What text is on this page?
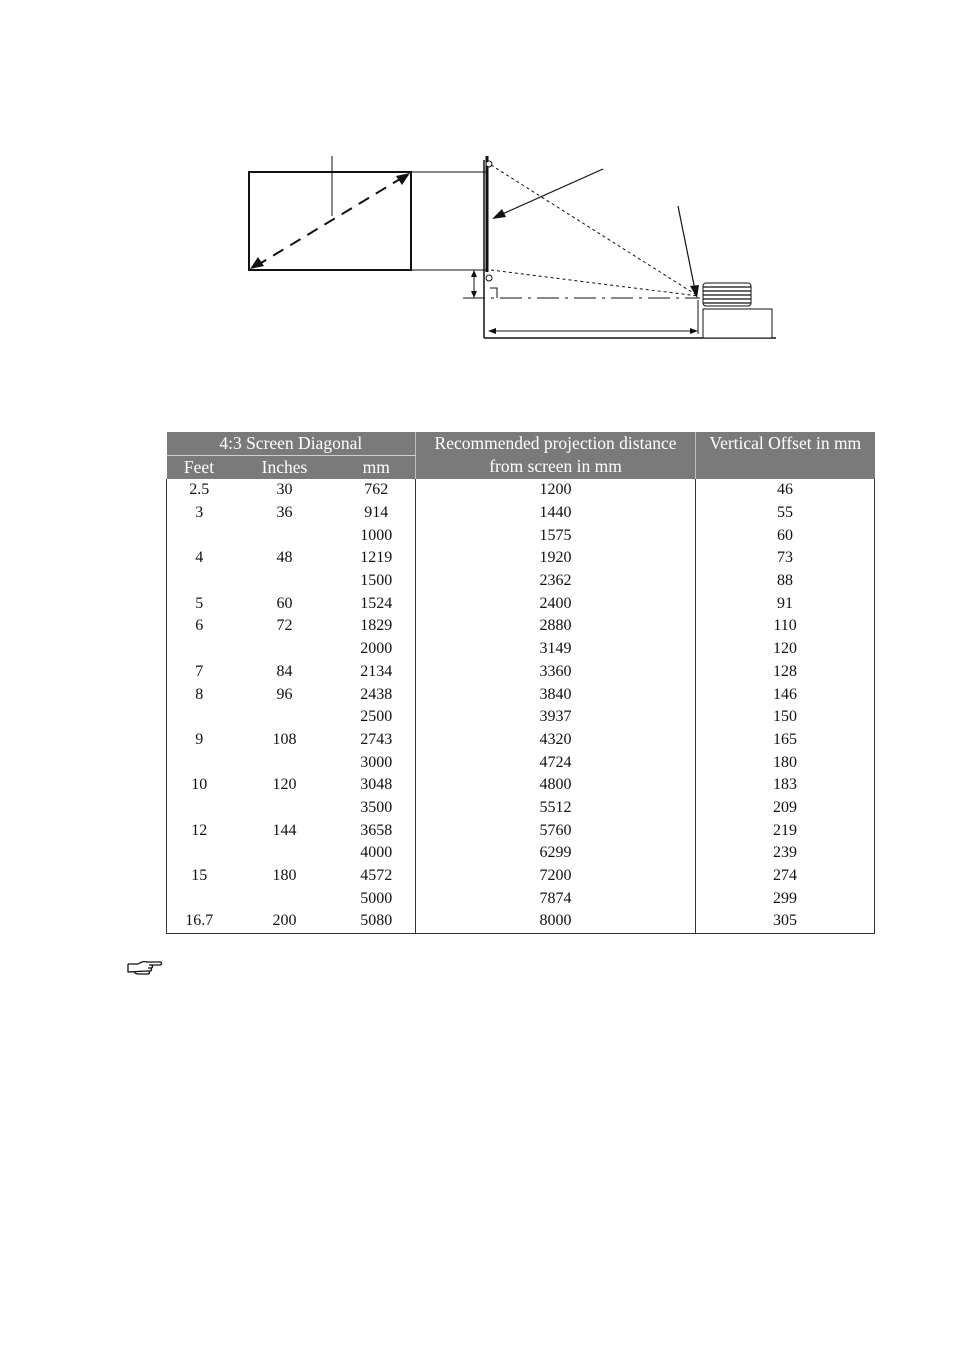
4:3 Screen Diagonal			Recommended projection distance from screen in mm	Vertical Offset in mm
Feet	Inches	mm		
2.5	30	762	1200	46
3	36	914	1440	55
		1000	1575	60
4	48	1219	1920	73
		1500	2362	88
5	60	1524	2400	91
6	72	1829	2880	110
		2000	3149	120
7	84	2134	3360	128
8	96	2438	3840	146
		2500	3937	150
9	108	2743	4320	165
		3000	4724	180
10	120	3048	4800	183
		3500	5512	209
12	144	3658	5760	219
		4000	6299	239
15	180	4572	7200	274
		5000	7874	299
16.7	200	5080	8000	305
